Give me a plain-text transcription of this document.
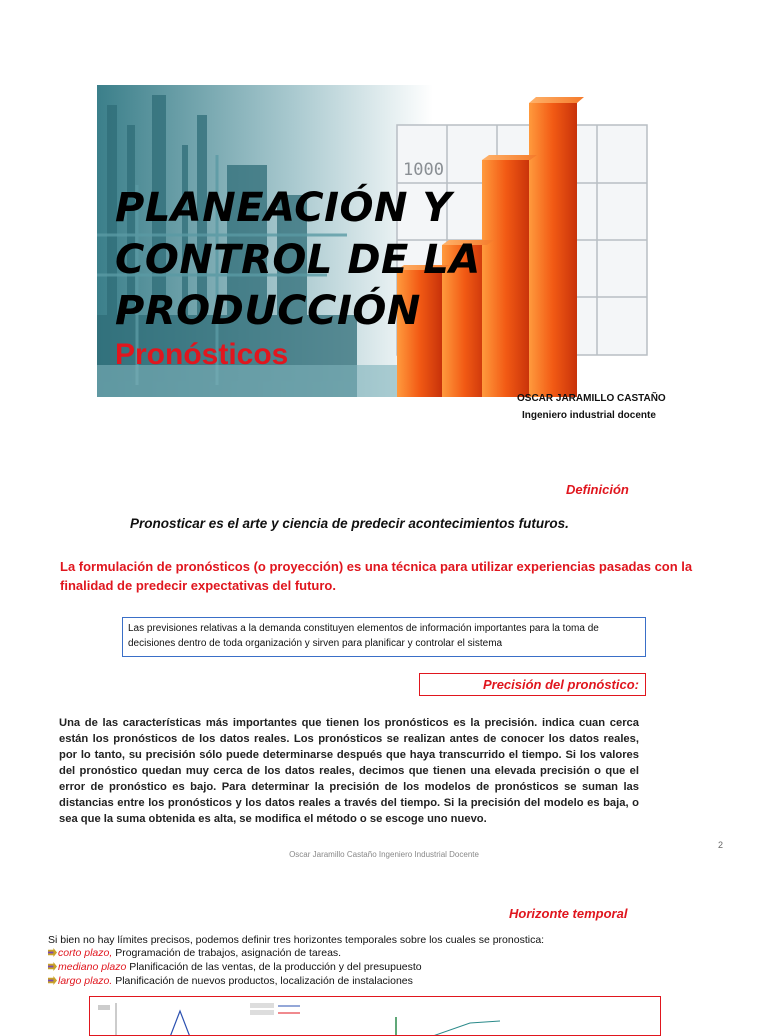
1000
PLANEACIÓN Y
CONTROL DE LA
PRODUCCIÓN
Pronósticos
OSCAR JARAMILLO CASTAÑO
Ingeniero industrial docente
Definición
Pronosticar es el arte y ciencia de predecir acontecimientos futuros.

La formulación de pronósticos (o proyección) es una técnica para utilizar experiencias pasadas con la finalidad de predecir expectativas del futuro.

Las previsiones relativas a la demanda constituyen elementos de información importantes para la toma de decisiones dentro de toda organización y sirven para planificar y controlar el sistema
Precisión del pronóstico:

Una de las características más importantes que tienen los pronósticos es la precisión. indica cuan cerca están los pronósticos de los datos reales. Los pronósticos se realizan antes de conocer los datos reales, por lo tanto, su precisión sólo puede determinarse después que haya transcurrido el tiempo. Si los valores del pronóstico quedan muy cerca de los datos reales, decimos que tienen una elevada precisión o que el error de pronóstico es bajo. Para determinar la precisión de los modelos de pronósticos se suman las distancias entre los pronósticos y los datos reales a través del tiempo. Si la precisión del modelo es baja, o sea que la suma obtenida es alta, se modifica el método o se escoge uno nuevo.

Oscar Jaramillo Castaño Ingeniero Industrial Docente
2
Horizonte temporal
Si bien no hay límites precisos, podemos definir tres horizontes temporales sobre los cuales se pronostica:
corto plazo, Programación de trabajos, asignación de tareas.
mediano plazo Planificación de las ventas, de la producción y del presupuesto
largo plazo. Planificación de nuevos productos, localización de instalaciones
